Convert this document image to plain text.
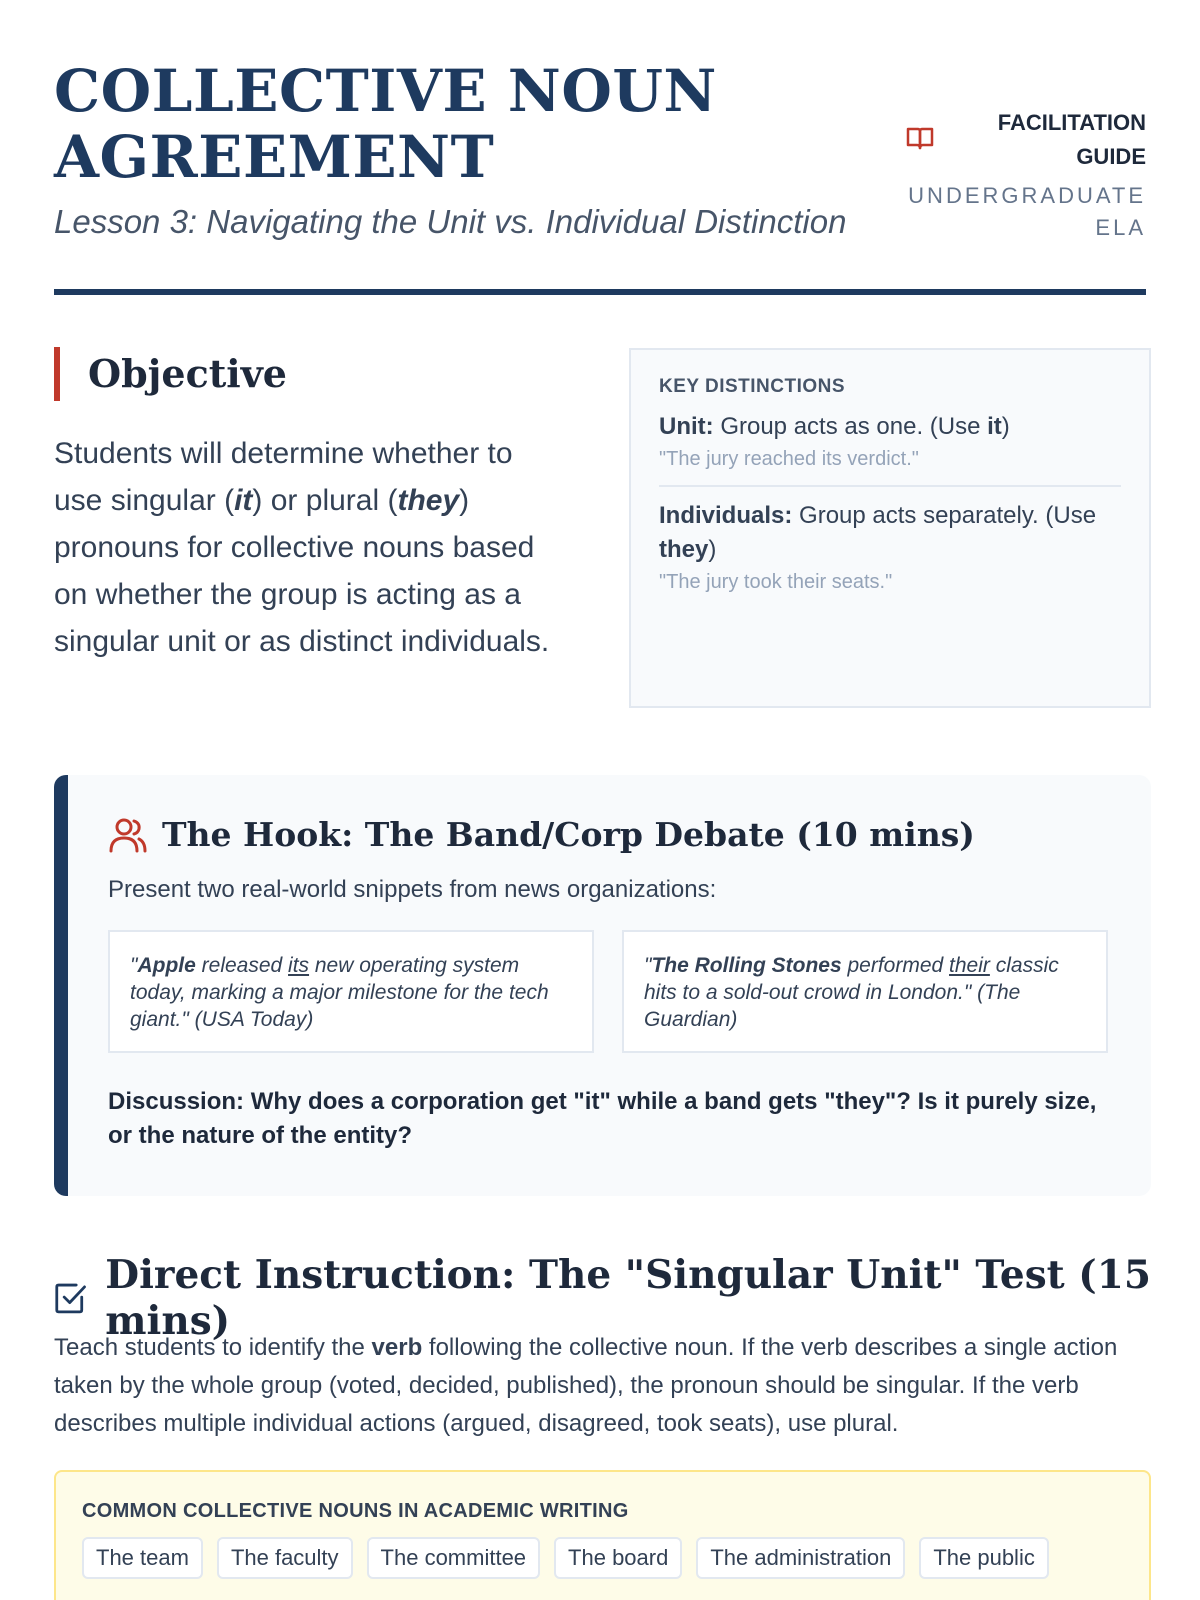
COLLECTIVE NOUN AGREEMENT
Lesson 3: Navigating the Unit vs. Individual Distinction
FACILITATION GUIDE
UNDERGRADUATE ELA
Objective

Students will determine whether to use singular (it) or plural (they) pronouns for collective nouns based on whether the group is acting as a singular unit or as distinct individuals.

KEY DISTINCTIONS
Unit: Group acts as one. (Use it)
"The jury reached its verdict."
Individuals: Group acts separately. (Use they)
"The jury took their seats."
The Hook: The Band/Corp Debate (10 mins)

Present two real-world snippets from news organizations:

"Apple released its new operating system today, marking a major milestone for the tech giant." (USA Today)
"The Rolling Stones performed their classic hits to a sold-out crowd in London." (The Guardian)

Discussion: Why does a corporation get "it" while a band gets "they"? Is it purely size, or the nature of the entity?

Direct Instruction: The "Singular Unit" Test (15 mins)

Teach students to identify the verb following the collective noun. If the verb describes a single action taken by the whole group (voted, decided, published), the pronoun should be singular. If the verb describes multiple individual actions (argued, disagreed, took seats), use plural.

COMMON COLLECTIVE NOUNS IN ACADEMIC WRITING
The team	The faculty	The committee	The board	The administration	The public
